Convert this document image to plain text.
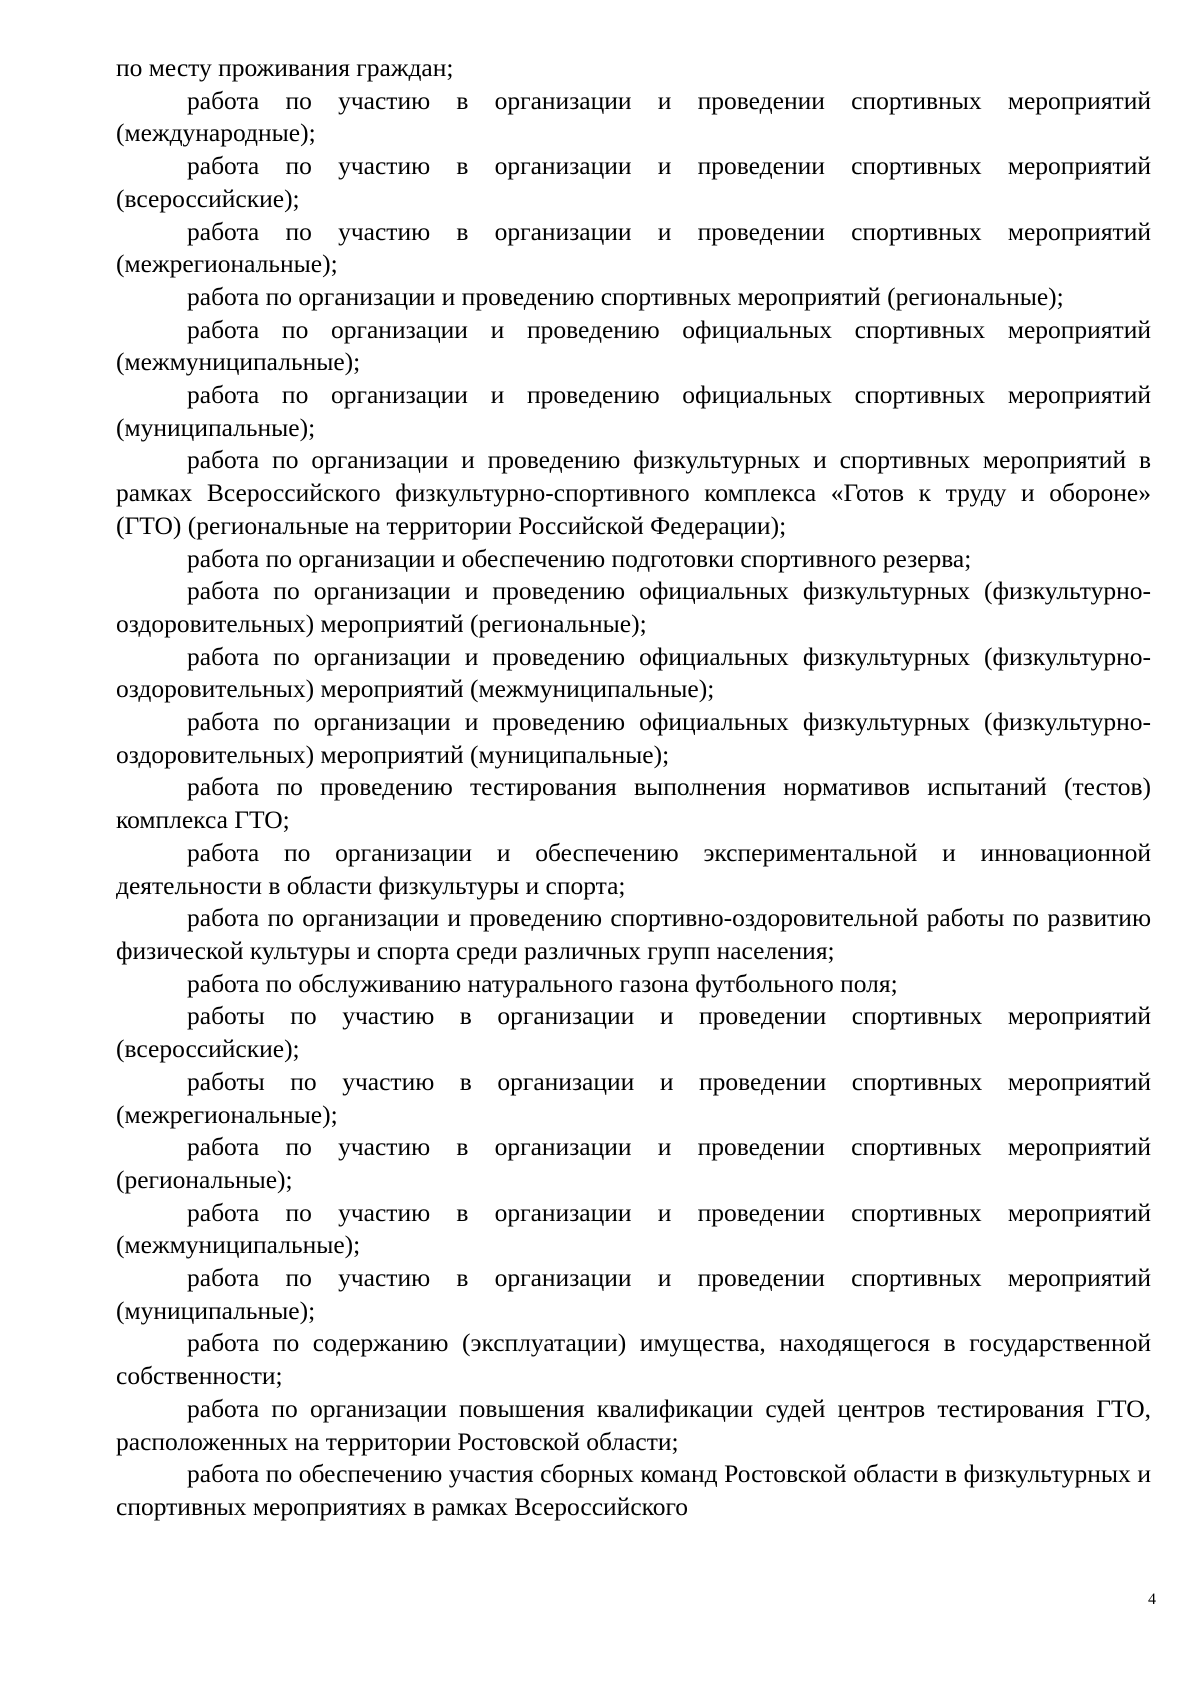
по месту проживания граждан;

работа по участию в организации и проведении спортивных мероприятий (международные);

работа по участию в организации и проведении спортивных мероприятий (всероссийские);

работа по участию в организации и проведении спортивных мероприятий (межрегиональные);

работа по организации и проведению спортивных мероприятий (региональные);

работа по организации и проведению официальных спортивных мероприятий (межмуниципальные);

работа по организации и проведению официальных спортивных мероприятий (муниципальные);

работа по организации и проведению физкультурных и спортивных мероприятий в рамках Всероссийского физкультурно-спортивного комплекса «Готов к труду и обороне» (ГТО) (региональные на территории Российской Федерации);

работа по организации и обеспечению подготовки спортивного резерва;

работа по организации и проведению официальных физкультурных (физкультурно-оздоровительных) мероприятий (региональные);

работа по организации и проведению официальных физкультурных (физкультурно-оздоровительных) мероприятий (межмуниципальные);

работа по организации и проведению официальных физкультурных (физкультурно-оздоровительных) мероприятий (муниципальные);

работа по проведению тестирования выполнения нормативов испытаний (тестов) комплекса ГТО;

работа по организации и обеспечению экспериментальной и инновационной деятельности в области физкультуры и спорта;

работа по организации и проведению спортивно-оздоровительной работы по развитию физической культуры и спорта среди различных групп населения;

работа по обслуживанию натурального газона футбольного поля;

работы по участию в организации и проведении спортивных мероприятий (всероссийские);

работы по участию в организации и проведении спортивных мероприятий (межрегиональные);

работа по участию в организации и проведении спортивных мероприятий (региональные);

работа по участию в организации и проведении спортивных мероприятий (межмуниципальные);

работа по участию в организации и проведении спортивных мероприятий (муниципальные);

работа по содержанию (эксплуатации) имущества, находящегося в государственной собственности;

работа по организации повышения квалификации судей центров тестирования ГТО, расположенных на территории Ростовской области;

работа по обеспечению участия сборных команд Ростовской области в физкультурных и спортивных мероприятиях в рамках Всероссийского

4
